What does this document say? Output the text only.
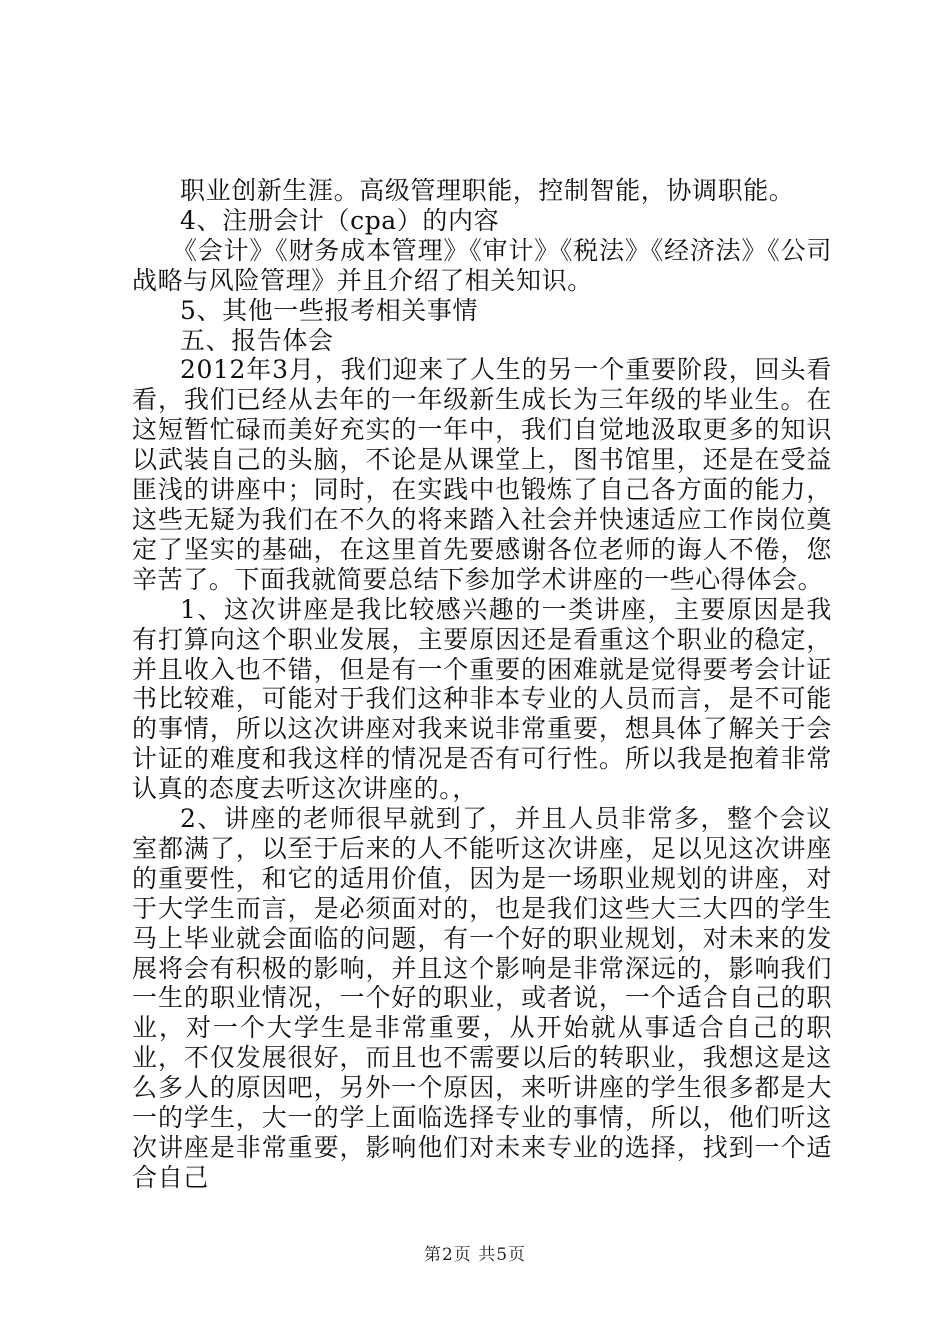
职业创新生涯。高级管理职能，控制智能，协调职能。

4、注册会计（cpa）的内容

《会计》《财务成本管理》《审计》《税法》《经济法》《公司战略与风险管理》并且介绍了相关知识。

5、其他一些报考相关事情

五、报告体会

2012年3月，我们迎来了人生的另一个重要阶段，回头看看，我们已经从去年的一年级新生成长为三年级的毕业生。在这短暂忙碌而美好充实的一年中，我们自觉地汲取更多的知识以武装自己的头脑，不论是从课堂上，图书馆里，还是在受益匪浅的讲座中；同时，在实践中也锻炼了自己各方面的能力，这些无疑为我们在不久的将来踏入社会并快速适应工作岗位奠定了坚实的基础，在这里首先要感谢各位老师的诲人不倦，您辛苦了。下面我就简要总结下参加学术讲座的一些心得体会。

1、这次讲座是我比较感兴趣的一类讲座，主要原因是我有打算向这个职业发展，主要原因还是看重这个职业的稳定，并且收入也不错，但是有一个重要的困难就是觉得要考会计证书比较难，可能对于我们这种非本专业的人员而言，是不可能的事情，所以这次讲座对我来说非常重要，想具体了解关于会计证的难度和我这样的情况是否有可行性。所以我是抱着非常认真的态度去听这次讲座的。，

2、讲座的老师很早就到了，并且人员非常多，整个会议室都满了，以至于后来的人不能听这次讲座，足以见这次讲座的重要性，和它的适用价值，因为是一场职业规划的讲座，对于大学生而言，是必须面对的，也是我们这些大三大四的学生马上毕业就会面临的问题，有一个好的职业规划，对未来的发展将会有积极的影响，并且这个影响是非常深远的，影响我们一生的职业情况，一个好的职业，或者说，一个适合自己的职业，对一个大学生是非常重要，从开始就从事适合自己的职业，不仅发展很好，而且也不需要以后的转职业，我想这是这么多人的原因吧，另外一个原因，来听讲座的学生很多都是大一的学生，大一的学上面临选择专业的事情，所以，他们听这次讲座是非常重要，影响他们对未来专业的选择，找到一个适合自己

第2页 共5页
